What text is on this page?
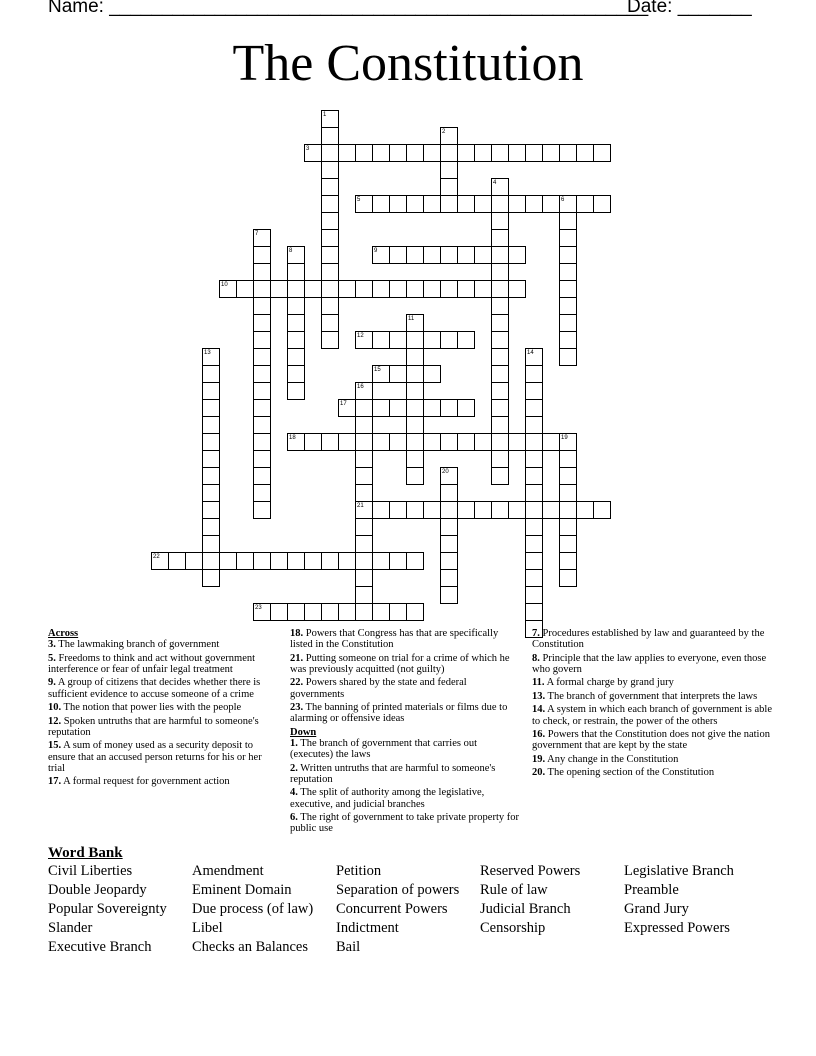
Name: ___________________________________________________
Date: _______
The Constitution
1
2
3
4
5	6
7
8	9
10
11
12
13	14
15
16
17
18	19
20
21
22
23
Across
3. The lawmaking branch of government
5. Freedoms to think and act without government interference or fear of unfair legal treatment
9. A group of citizens that decides whether there is sufficient evidence to accuse someone of a crime
10. The notion that power lies with the people
12. Spoken untruths that are harmful to someone's reputation
15. A sum of money used as a security deposit to ensure that an accused person returns for his or her trial
17. A formal request for government action
18. Powers that Congress has that are specifically listed in the Constitution
21. Putting someone on trial for a crime of which he was previously acquitted (not guilty)
22. Powers shared by the state and federal governments
23. The banning of printed materials or films due to alarming or offensive ideas
Down
1. The branch of government that carries out (executes) the laws
2. Written untruths that are harmful to someone's reputation
4. The split of authority among the legislative, executive, and judicial branches
6. The right of government to take private property for public use
7. Procedures established by law and guaranteed by the Constitution
8. Principle that the law applies to everyone, even those who govern
11. A formal charge by grand jury
13. The branch of government that interprets the laws
14. A system in which each branch of government is able to check, or restrain, the power of the others
16. Powers that the Constitution does not give the nation government that are kept by the state
19. Any change in the Constitution
20. The opening section of the Constitution
Word Bank
Civil Liberties
Double Jeopardy
Popular Sovereignty
Slander
Executive Branch
Amendment
Eminent Domain
Due process (of law)
Libel
Checks an Balances
Petition
Separation of powers
Concurrent Powers
Indictment
Bail
Reserved Powers
Rule of law
Judicial Branch
Censorship
Legislative Branch
Preamble
Grand Jury
Expressed Powers
